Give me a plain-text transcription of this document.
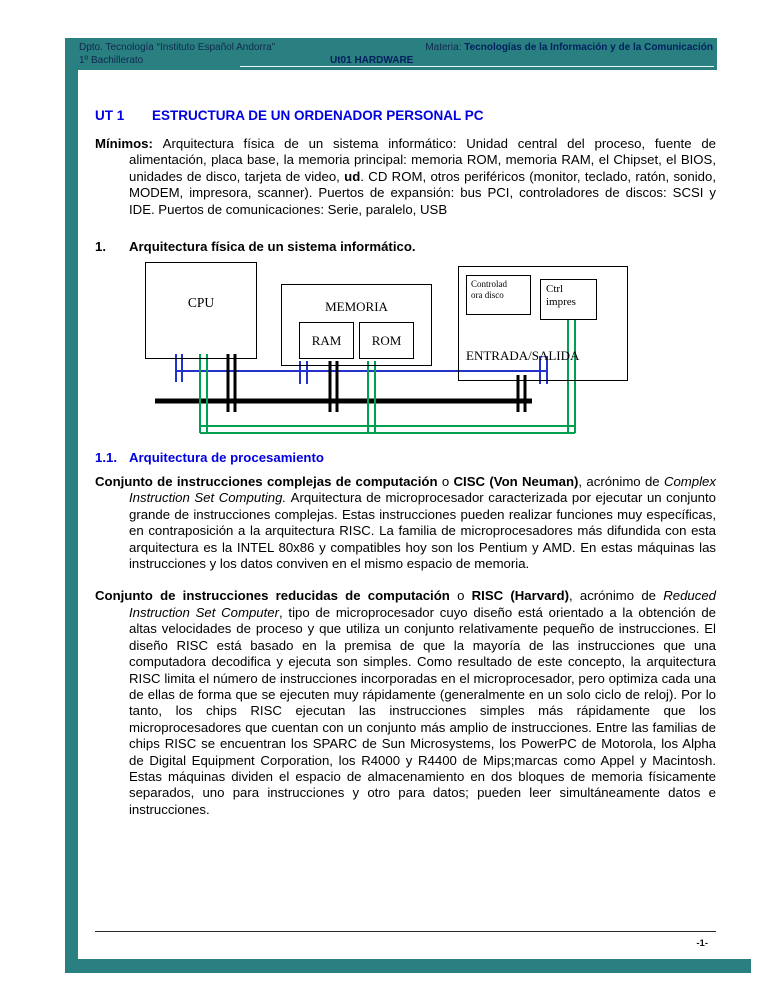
Dpto. Tecnología “Instituto Español Andorra”	Materia: Tecnologías de la Información y de la Comunicación
1º Bachillerato	Ut01 HARDWARE
UT 1	ESTRUCTURA DE UN ORDENADOR PERSONAL PC

Mínimos: Arquitectura física de un sistema informático: Unidad central del proceso, fuente de alimentación, placa base, la memoria principal: memoria ROM, memoria RAM, el Chipset, el BIOS, unidades de disco, tarjeta de video, ud. CD ROM, otros periféricos (monitor, teclado, ratón, sonido, MODEM, impresora, scanner). Puertos de expansión: bus PCI, controladores de discos: SCSI y IDE. Puertos de comunicaciones: Serie, paralelo, USB

1.	Arquitectura física de un sistema informático.
CPU	MEMORIA
RAM ROM
Controlad
ora disco	Ctrl
impres
ENTRADA/SALIDA
1.1. Arquitectura de procesamiento

Conjunto de instrucciones complejas de computación o CISC (Von Neuman), acrónimo de Complex Instruction Set Computing. Arquitectura de microprocesador caracterizada por ejecutar un conjunto grande de instrucciones complejas. Estas instrucciones pueden realizar funciones muy específicas, en contraposición a la arquitectura RISC. La familia de microprocesadores más difundida con esta arquitectura es la INTEL 80x86 y compatibles hoy son los Pentium y AMD. En estas máquinas las instrucciones y los datos conviven en el mismo espacio de memoria.

Conjunto de instrucciones reducidas de computación o RISC (Harvard), acrónimo de Reduced Instruction Set Computer, tipo de microprocesador cuyo diseño está orientado a la obtención de altas velocidades de proceso y que utiliza un conjunto relativamente pequeño de instrucciones. El diseño RISC está basado en la premisa de que la mayoría de las instrucciones que una computadora decodifica y ejecuta son simples. Como resultado de este concepto, la arquitectura RISC limita el número de instrucciones incorporadas en el microprocesador, pero optimiza cada una de ellas de forma que se ejecuten muy rápidamente (generalmente en un solo ciclo de reloj). Por lo tanto, los chips RISC ejecutan las instrucciones simples más rápidamente que los microprocesadores que cuentan con un conjunto más amplio de instrucciones. Entre las familias de chips RISC se encuentran los SPARC de Sun Microsystems, los PowerPC de Motorola, los Alpha de Digital Equipment Corporation, los R4000 y R4400 de Mips;marcas como Appel y Macintosh. Estas máquinas dividen el espacio de almacenamiento en dos bloques de memoria físicamente separados, uno para instrucciones y otro para datos; pueden leer simultáneamente datos e instrucciones.

-1-
